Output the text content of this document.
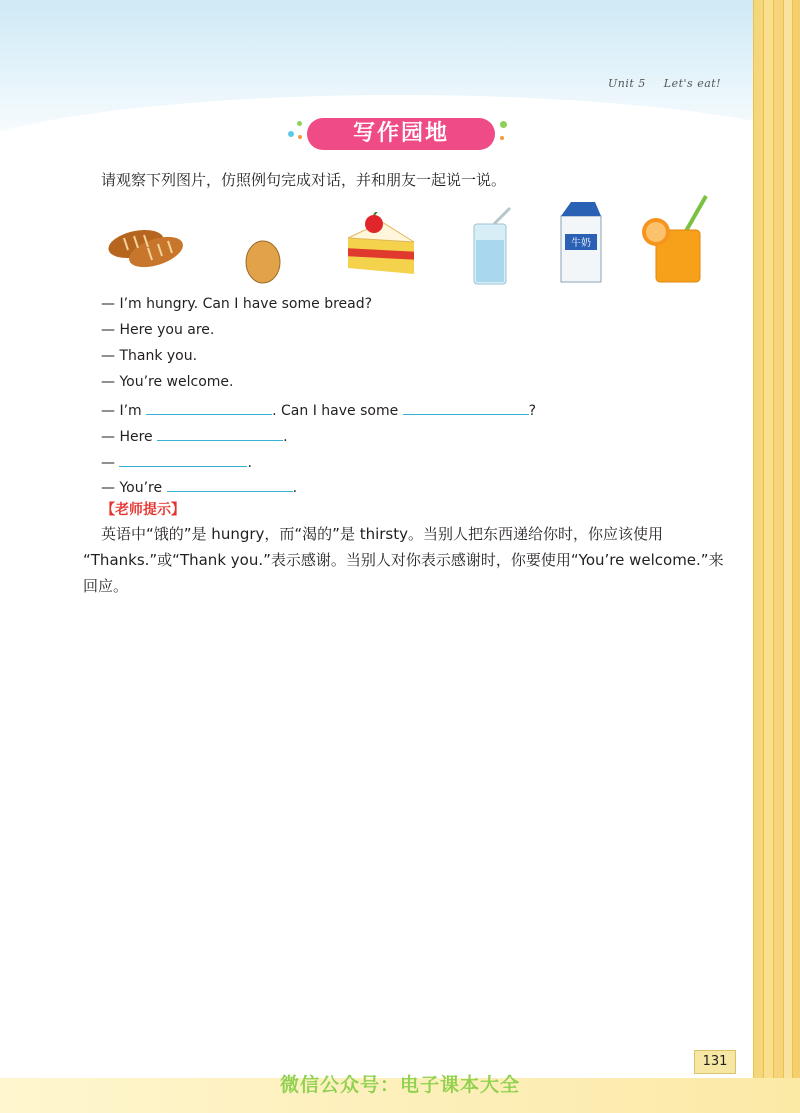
Unit 5 Let's eat!
写作园地
请观察下列图片，仿照例句完成对话，并和朋友一起说一说。
牛奶
— I’m hungry. Can I have some bread?
— Here you are.
— Thank you.
— You’re welcome.
— I’m	. Can I have some	?
— Here	.
—	.
— You’re	.
【老师提示】
英语中“饿的”是 hungry，而“渴的”是 thirsty。当别人把东西递给你时，你应该使用
“Thanks.”或“Thank you.”表示感谢。当别人对你表示感谢时，你要使用“You’re welcome.”来
回应。
131
微信公众号：电子课本大全
